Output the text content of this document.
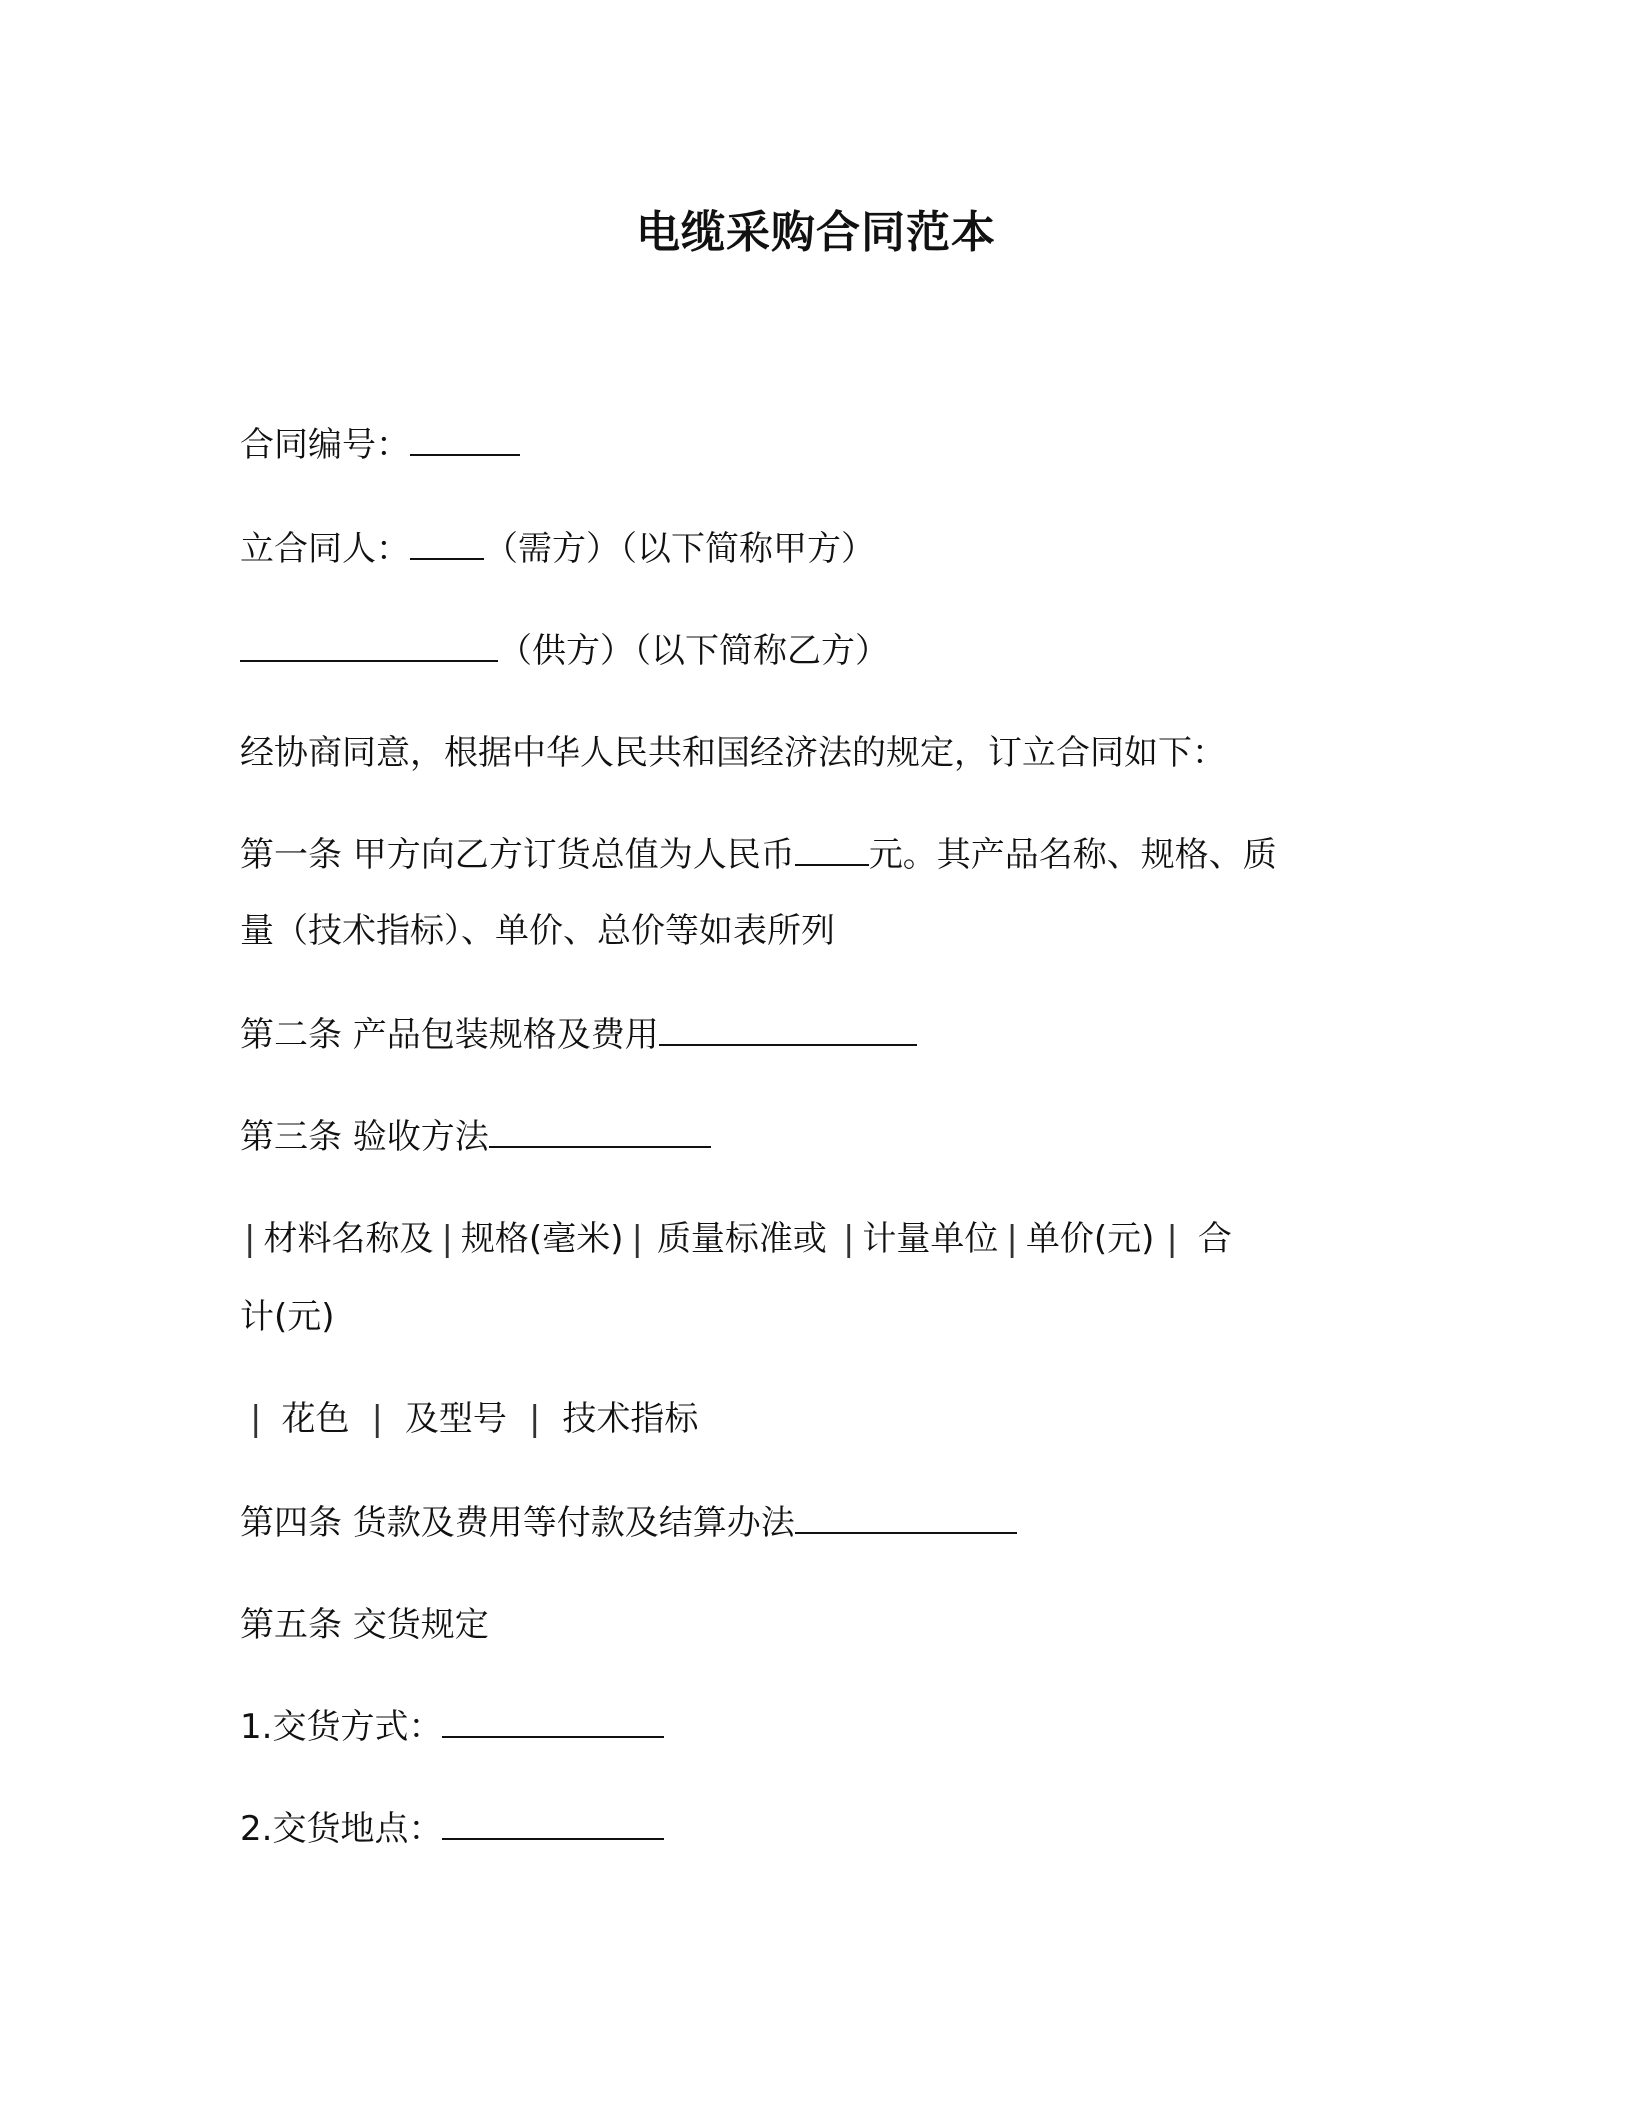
电缆采购合同范本
合同编号：
立合同人： （需方）（以下简称甲方）
（供方）（以下简称乙方）
经协商同意，根据中华人民共和国经济法的规定，订立合同如下：
第一条 甲方向乙方订货总值为人民币 元。其产品名称、规格、质
量（技术指标）、单价、总价等如表所列
第二条 产品包装规格及费用
第三条 验收方法
| 材料名称及 | 规格(毫米) | 质量标准或 | 计量单位 | 单价(元) | 合
计(元)
| 花色 | 及型号 | 技术指标
第四条 货款及费用等付款及结算办法
第五条 交货规定
1.交货方式：
2.交货地点：
